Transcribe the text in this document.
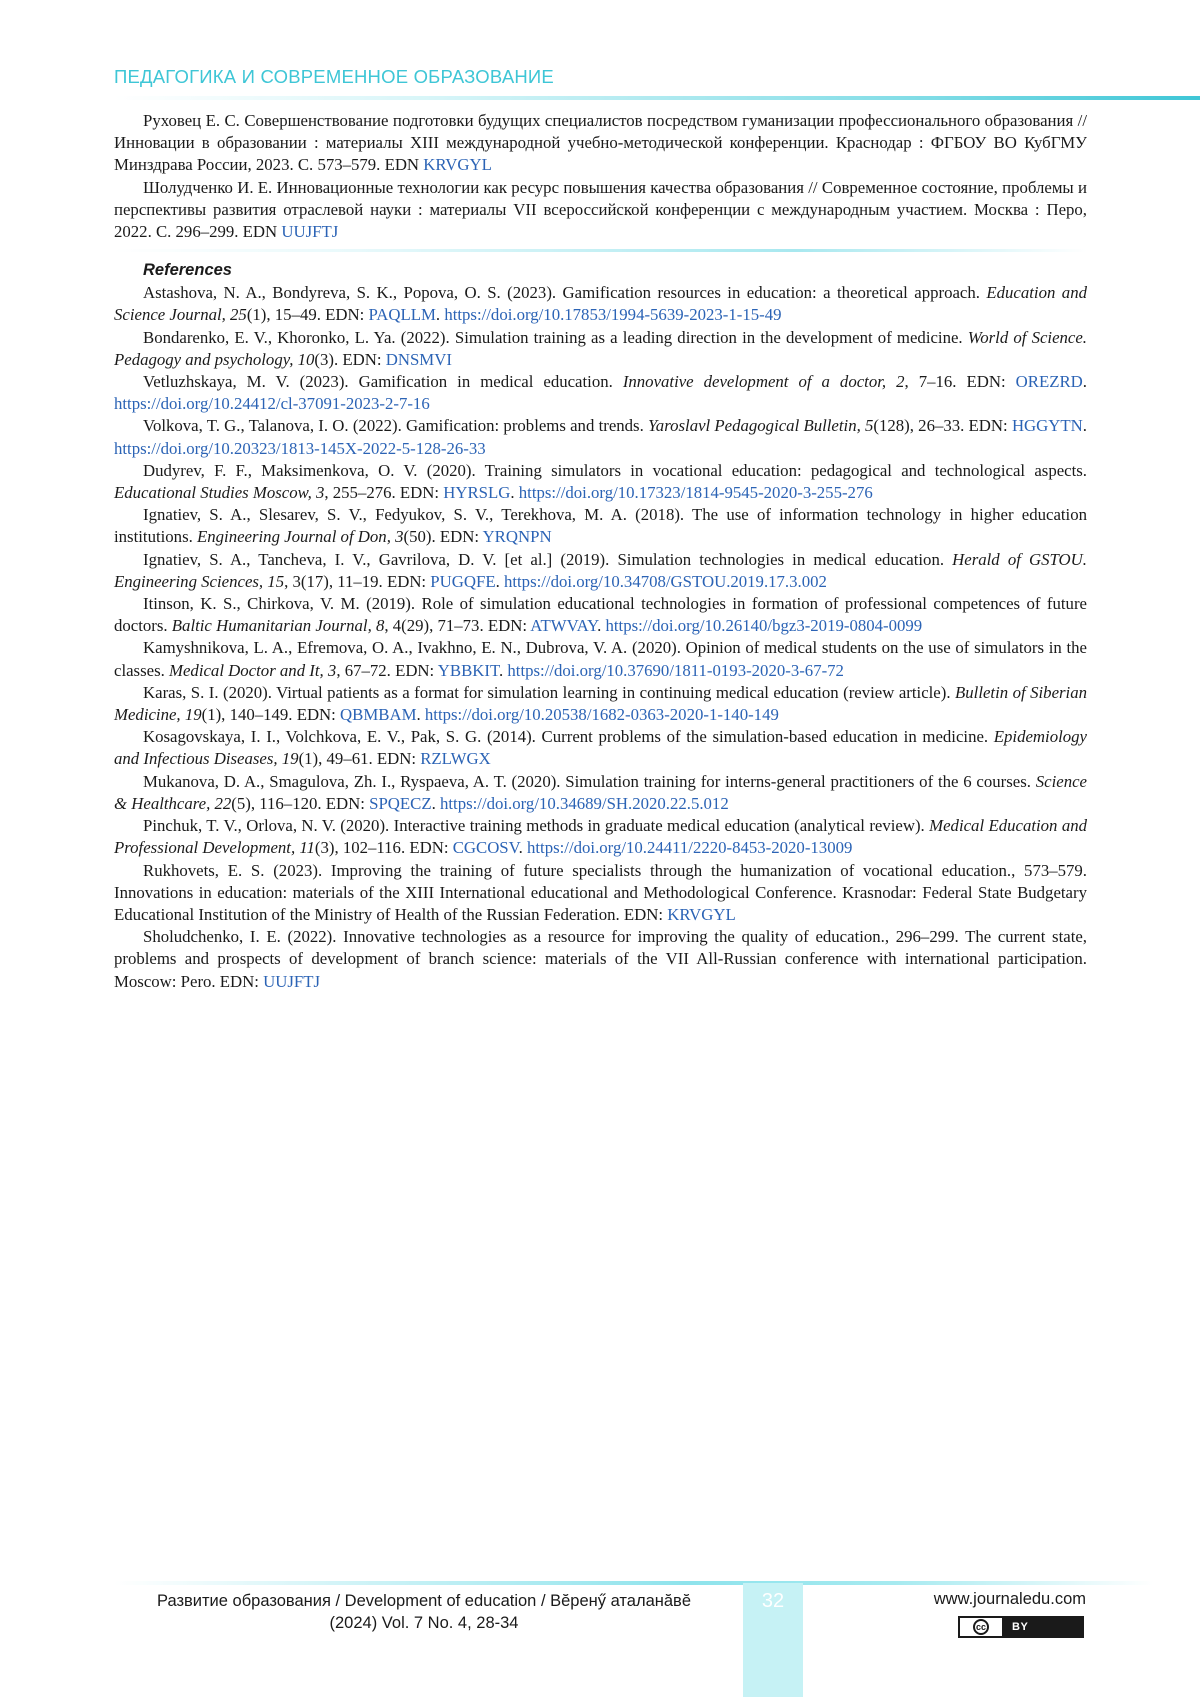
ПЕДАГОГИКА И СОВРЕМЕННОЕ ОБРАЗОВАНИЕ

Руховец Е. С. Совершенствование подготовки будущих специалистов посредством гуманизации профессионального образования // Инновации в образовании : материалы XIII международной учебно-методической конференции. Краснодар : ФГБОУ ВО КубГМУ Минздрава России, 2023. С. 573–579. EDN KRVGYL

Шолудченко И. Е. Инновационные технологии как ресурс повышения качества образования // Современное состояние, проблемы и перспективы развития отраслевой науки : материалы VII всероссийской конференции с международным участием. Москва : Перо, 2022. С. 296–299. EDN UUJFTJ

References

Astashova, N. A., Bondyreva, S. K., Popova, O. S. (2023). Gamification resources in education: a theoretical approach. Education and Science Journal, 25(1), 15–49. EDN: PAQLLM. https://doi.org/10.17853/1994-5639-2023-1-15-49

Bondarenko, E. V., Khoronko, L. Ya. (2022). Simulation training as a leading direction in the development of medicine. World of Science. Pedagogy and psychology, 10(3). EDN: DNSMVI

Vetluzhskaya, M. V. (2023). Gamification in medical education. Innovative development of a doctor, 2, 7–16. EDN: OREZRD. https://doi.org/10.24412/cl-37091-2023-2-7-16

Volkova, T. G., Talanova, I. O. (2022). Gamification: problems and trends. Yaroslavl Pedagogical Bulletin, 5(128), 26–33. EDN: HGGYTN. https://doi.org/10.20323/1813-145X-2022-5-128-26-33

Dudyrev, F. F., Maksimenkova, O. V. (2020). Training simulators in vocational education: pedagogical and technological aspects. Educational Studies Moscow, 3, 255–276. EDN: HYRSLG. https://doi.org/10.17323/1814-9545-2020-3-255-276

Ignatiev, S. A., Slesarev, S. V., Fedyukov, S. V., Terekhova, M. A. (2018). The use of information technology in higher education institutions. Engineering Journal of Don, 3(50). EDN: YRQNPN

Ignatiev, S. A., Tancheva, I. V., Gavrilova, D. V. [et al.] (2019). Simulation technologies in medical education. Herald of GSTOU. Engineering Sciences, 15, 3(17), 11–19. EDN: PUGQFE. https://doi.org/10.34708/GSTOU.2019.17.3.002

Itinson, K. S., Chirkova, V. M. (2019). Role of simulation educational technologies in formation of professional competences of future doctors. Baltic Humanitarian Journal, 8, 4(29), 71–73. EDN: ATWVAY. https://doi.org/10.26140/bgz3-2019-0804-0099

Kamyshnikova, L. A., Efremova, O. A., Ivakhno, E. N., Dubrova, V. A. (2020). Opinion of medical students on the use of simulators in the classes. Medical Doctor and It, 3, 67–72. EDN: YBBKIT. https://doi.org/10.37690/1811-0193-2020-3-67-72

Karas, S. I. (2020). Virtual patients as a format for simulation learning in continuing medical education (review article). Bulletin of Siberian Medicine, 19(1), 140–149. EDN: QBMBAM. https://doi.org/10.20538/1682-0363-2020-1-140-149

Kosagovskaya, I. I., Volchkova, E. V., Pak, S. G. (2014). Current problems of the simulation-based education in medicine. Epidemiology and Infectious Diseases, 19(1), 49–61. EDN: RZLWGX

Mukanova, D. A., Smagulova, Zh. I., Ryspaeva, A. T. (2020). Simulation training for interns-general practitioners of the 6 courses. Science & Healthcare, 22(5), 116–120. EDN: SPQECZ. https://doi.org/10.34689/SH.2020.22.5.012

Pinchuk, T. V., Orlova, N. V. (2020). Interactive training methods in graduate medical education (analytical review). Medical Education and Professional Development, 11(3), 102–116. EDN: CGCOSV. https://doi.org/10.24411/2220-8453-2020-13009

Rukhovets, E. S. (2023). Improving the training of future specialists through the humanization of vocational education., 573–579. Innovations in education: materials of the XIII International educational and Methodological Conference. Krasnodar: Federal State Budgetary Educational Institution of the Ministry of Health of the Russian Federation. EDN: KRVGYL

Sholudchenko, I. E. (2022). Innovative technologies as a resource for improving the quality of education., 296–299. The current state, problems and prospects of development of branch science: materials of the VII All-Russian conference with international participation. Moscow: Pero. EDN: UUJFTJ

32
Развитие образования / Development of education / Вĕренӳ аталанăвĕ
(2024) Vol. 7 No. 4, 28-34
www.journaledu.com
cc	BY
